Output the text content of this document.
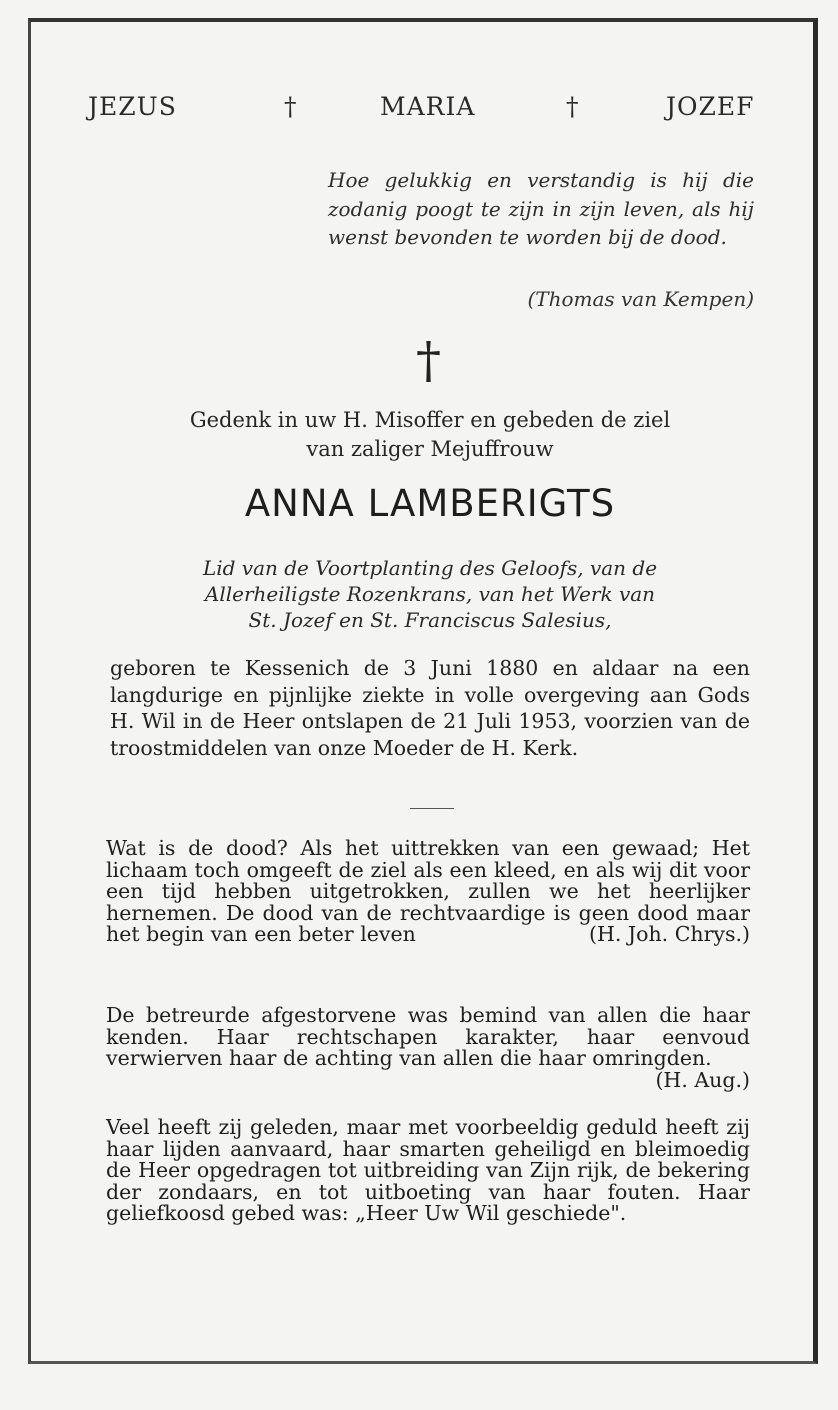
JEZUS	†	MARIA	†	JOZEF
Hoe gelukkig en verstandig is hij die zodanig poogt te zijn in zijn leven, als hij wenst bevonden te worden bij de dood.
(Thomas van Kempen)
†
Gedenk in uw H. Misoffer en gebeden de ziel
van zaliger Mejuffrouw
ANNA LAMBERIGTS
Lid van de Voortplanting des Geloofs, van de
Allerheiligste Rozenkrans, van het Werk van
St. Jozef en St. Franciscus Salesius,
geboren te Kessenich de 3 Juni 1880 en aldaar na een langdurige en pijnlijke ziekte in volle overgeving aan Gods H. Wil in de Heer ontslapen de 21 Juli 1953, voorzien van de troostmiddelen van onze Moeder de H. Kerk.
Wat is de dood? Als het uittrekken van een gewaad; Het lichaam toch omgeeft de ziel als een kleed, en als wij dit voor een tijd hebben uitgetrokken, zullen we het heerlijker hernemen. De dood van de rechtvaardige is geen dood maar het begin van een beter leven	(H. Joh. Chrys.)
De betreurde afgestorvene was bemind van allen die haar kenden. Haar rechtschapen karakter, haar eenvoud verwierven haar de achting van allen die haar omringden.
(H. Aug.)
Veel heeft zij geleden, maar met voorbeeldig geduld heeft zij haar lijden aanvaard, haar smarten geheiligd en bleimoedig de Heer opgedragen tot uitbreiding van Zijn rijk, de bekering der zondaars, en tot uitboeting van haar fouten. Haar geliefkoosd gebed was: „Heer Uw Wil geschiede".
